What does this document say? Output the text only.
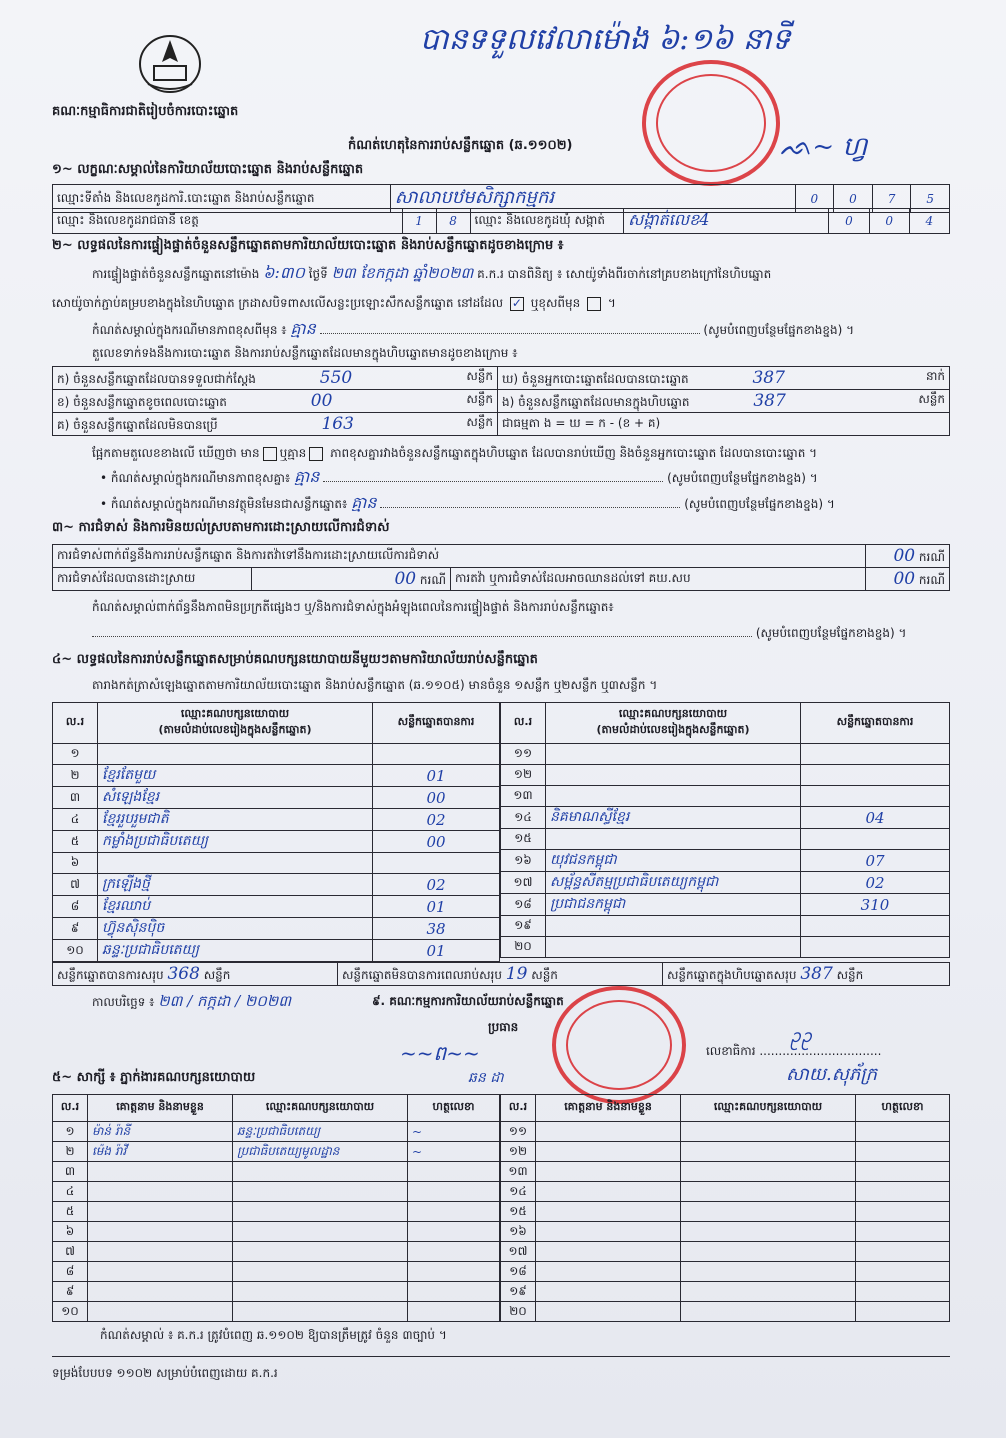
គណៈកម្មាធិការជាតិរៀបចំការបោះឆ្នោត
កំណត់ហេតុនៃការរាប់សន្លឹកឆ្នោត (ឆ.១១០២)
បានទទួលវេលាម៉ោង ៦:១៦ នាទី
ᨒ~ ហ្វ
១~ លក្ខណៈសម្គាល់នៃការិយាល័យបោះឆ្នោត និងរាប់សន្លឹកឆ្នោត
ឈ្មោះទីតាំង និងលេខកូដការិ.បោះឆ្នោត និងរាប់សន្លឹកឆ្នោត	សាលាបឋមសិក្សាកម្មករ	0	0	7	5
ឈ្មោះ និងលេខកូដរាជធានី ខេត្ត	1	8	ឈ្មោះ និងលេខកូដឃុំ សង្កាត់	សង្កាត់លេខ4	0	0	4
២~ លទ្ធផលនៃការផ្ទៀងផ្ទាត់ចំនួនសន្លឹកឆ្នោតតាមការិយាល័យបោះឆ្នោត និងរាប់សន្លឹកឆ្នោតដូចខាងក្រោម ៖
ការផ្ទៀងផ្ទាត់ចំនួនសន្លឹកឆ្នោតនៅម៉ោង ៦:៣០ ថ្ងៃទី ២៣ ខែកក្កដា ឆ្នាំ២០២៣ គ.ក.រ បានពិនិត្យ ៖ សោយ៉ូទាំងពីរចាក់នៅគ្របខាងក្រៅនៃហិបឆ្នោត
សោយ៉ូចាក់ភ្ជាប់គម្របខាងក្នុងនៃហិបឆ្នោត ក្រដាសបិទពាសលើសន្លះប្រឡោះសឹកសន្លឹកឆ្នោត នៅដដែល ✓ ឬខុសពីមុន  ។
កំណត់សម្គាល់ក្នុងករណីមានភាពខុសពីមុន ៖ គ្មាន	(សូមបំពេញបន្ថែមផ្នែកខាងខ្នង) ។
តួលេខទាក់ទងនឹងការបោះឆ្នោត និងការរាប់សន្លឹកឆ្នោតដែលមានក្នុងហិបឆ្នោតមានដូចខាងក្រោម ៖
ក) ចំនួនសន្លឹកឆ្នោតដែលបានទទួលជាក់ស្តែង 550 សន្លឹក	ឃ) ចំនួនអ្នកបោះឆ្នោតដែលបានបោះឆ្នោត 387 នាក់

ខ) ចំនួនសន្លឹកឆ្នោតខូចពេលបោះឆ្នោត 00 សន្លឹក	ង) ចំនួនសន្លឹកឆ្នោតដែលមានក្នុងហិបឆ្នោត 387 សន្លឹក

គ) ចំនួនសន្លឹកឆ្នោតដែលមិនបានប្រើ 163 សន្លឹក	ជាធម្មតា ង = ឃ = ក - (ខ + គ)
ផ្អែកតាមតួលេខខាងលើ ឃើញថា មាន ឬគ្មាន ភាពខុសគ្នារវាងចំនួនសន្លឹកឆ្នោតក្នុងហិបឆ្នោត ដែលបានរាប់ឃើញ និងចំនួនអ្នកបោះឆ្នោត ដែលបានបោះឆ្នោត ។
• កំណត់សម្គាល់ក្នុងករណីមានភាពខុសគ្នា៖ គ្មាន	(សូមបំពេញបន្ថែមផ្នែកខាងខ្នង) ។
• កំណត់សម្គាល់ក្នុងករណីមានវត្ថុមិនមែនជាសន្លឹកឆ្នោត៖ គ្មាន	(សូមបំពេញបន្ថែមផ្នែកខាងខ្នង) ។
៣~ ការជំទាស់ និងការមិនយល់ស្របតាមការដោះស្រាយលើការជំទាស់
ការជំទាស់ពាក់ព័ន្ធនឹងការរាប់សន្លឹកឆ្នោត និងការតវ៉ាទៅនឹងការដោះស្រាយលើការជំទាស់			00 ករណី
ការជំទាស់ដែលបានដោះស្រាយ	00 ករណី	ការតវ៉ា ឬការជំទាស់ដែលអាចឈានដល់ទៅ គឃ.សប	00 ករណី
កំណត់សម្គាល់ពាក់ព័ន្ធនឹងភាពមិនប្រក្រតីផ្សេងៗ ឬ/និងការជំទាស់ក្នុងអំឡុងពេលនៃការផ្ទៀងផ្ទាត់ និងការរាប់សន្លឹកឆ្នោត៖
(សូមបំពេញបន្ថែមផ្នែកខាងខ្នង) ។
៤~ លទ្ធផលនៃការរាប់សន្លឹកឆ្នោតសម្រាប់គណបក្សនយោបាយនីមួយៗតាមការិយាល័យរាប់សន្លឹកឆ្នោត
តារាងកត់ត្រាសំឡេងឆ្នោតតាមការិយាល័យបោះឆ្នោត និងរាប់សន្លឹកឆ្នោត (ឆ.១១០៥) មានចំនួន ១សន្លឹក ឬ២សន្លឹក ឬ៣សន្លឹក ។
ល.រ	ឈ្មោះគណបក្សនយោបាយ
(តាមលំដាប់លេខរៀងក្នុងសន្លឹកឆ្នោត)	សន្លឹកឆ្នោតបានការ
១		
២	ខ្មែរតែមួយ	01
៣	សំឡេងខ្មែរ	00
៤	ខ្មែររួបរួមជាតិ	02
៥	កម្លាំងប្រជាធិបតេយ្យ	00
៦		
៧	ក្រឡើងថ្មី	02
៨	ខ្មែរឈាប់	01
៩	ហ៊្វុនស៊ិនប៉ិច	38
១០	ឆន្ទៈប្រជាធិបតេយ្យ	01
ល.រ	ឈ្មោះគណបក្សនយោបាយ
(តាមលំដាប់លេខរៀងក្នុងសន្លឹកឆ្នោត)	សន្លឹកឆ្នោតបានការ
១១		
១២		
១៣		
១៤	និគមាណស្ធីខ្មែរ	04
១៥		
១៦	យុវជនកម្ពុជា	07
១៧	សម្ព័ន្ធសីតម្មប្រជាធិបតេយ្យកម្ពុជា	02
១៨	ប្រជាជនកម្ពុជា	310
១៩		
២០		
សន្លឹកឆ្នោតបានការសរុប 368 សន្លឹក	សន្លឹកឆ្នោតមិនបានការពេលរាប់សរុប 19 សន្លឹក	សន្លឹកឆ្នោតក្នុងហិបឆ្នោតសរុប 387 សន្លឹក
កាលបរិច្ឆេទ ៖ ២៣ / កក្កដា / ២០២៣	៩. គណៈកម្មការការិយាល័យរាប់សន្លឹកឆ្នោត
ប្រធាន
~~ព~~
ឆន ដា
លេខាធិការ ................................
ᩏᩏ
សាយ.សុភ័ក្រ
៥~ សាក្សី ៖ ភ្នាក់ងារគណបក្សនយោបាយ
ល.រ	គោត្តនាម និងនាមខ្លួន	ឈ្មោះគណបក្សនយោបាយ	ហត្ថលេខា
១	ម៉ាន់ រ៉ានី	ឆន្ទៈប្រជាធិបតេយ្យ	~
២	ម៉េង រ៉ាវី	ប្រជាធិបតេយ្យមូលដ្ឋាន	~
៣			
៤			
៥			
៦			
៧			
៨			
៩			
១០			
ល.រ	គោត្តនាម និងនាមខ្លួន	ឈ្មោះគណបក្សនយោបាយ	ហត្ថលេខា
១១			
១២			
១៣			
១៤			
១៥			
១៦			
១៧			
១៨			
១៩			
២០			
កំណត់សម្គាល់ ៖ គ.ក.រ ត្រូវបំពេញ ឆ.១១០២ ឱ្យបានត្រឹមត្រូវ ចំនួន ៣ច្បាប់ ។
ទម្រង់បែបបទ ១១០២ សម្រាប់បំពេញដោយ គ.ក.រ
